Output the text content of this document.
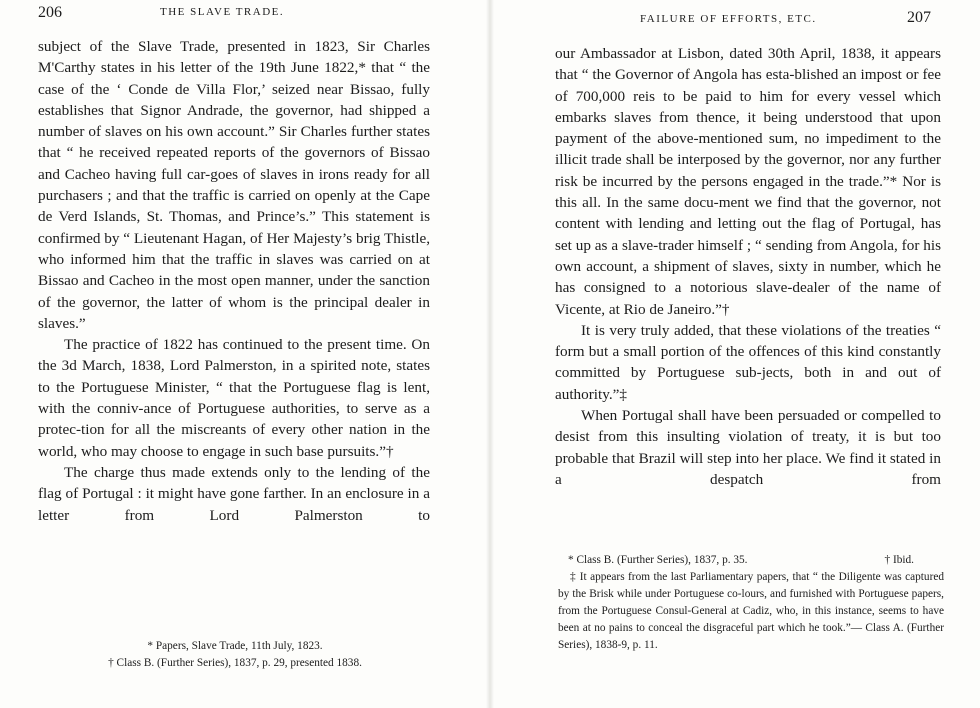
206	THE SLAVE TRADE.

subject of the Slave Trade, presented in 1823, Sir Charles M'Carthy states in his letter of the 19th June 1822,* that “ the case of the ‘ Conde de Villa Flor,’ seized near Bissao, fully establishes that Signor Andrade, the governor, had shipped a number of slaves on his own account.” Sir Charles further states that “ he received repeated reports of the governors of Bissao and Cacheo having full car-goes of slaves in irons ready for all purchasers ; and that the traffic is carried on openly at the Cape de Verd Islands, St. Thomas, and Prince’s.” This statement is confirmed by “ Lieutenant Hagan, of Her Majesty’s brig Thistle, who informed him that the traffic in slaves was carried on at Bissao and Cacheo in the most open manner, under the sanction of the governor, the latter of whom is the principal dealer in slaves.”

The practice of 1822 has continued to the present time. On the 3d March, 1838, Lord Palmerston, in a spirited note, states to the Portuguese Minister, “ that the Portuguese flag is lent, with the conniv-ance of Portuguese authorities, to serve as a protec-tion for all the miscreants of every other nation in the world, who may choose to engage in such base pursuits.”†

The charge thus made extends only to the lending of the flag of Portugal : it might have gone farther. In an enclosure in a letter from Lord Palmerston to

* Papers, Slave Trade, 11th July, 1823.

† Class B. (Further Series), 1837, p. 29, presented 1838.

FAILURE OF EFFORTS, ETC.	207

our Ambassador at Lisbon, dated 30th April, 1838, it appears that “ the Governor of Angola has esta-blished an impost or fee of 700,000 reis to be paid to him for every vessel which embarks slaves from thence, it being understood that upon payment of the above-mentioned sum, no impediment to the illicit trade shall be interposed by the governor, nor any further risk be incurred by the persons engaged in the trade.”* Nor is this all. In the same docu-ment we find that the governor, not content with lending and letting out the flag of Portugal, has set up as a slave-trader himself ; “ sending from Angola, for his own account, a shipment of slaves, sixty in number, which he has consigned to a notorious slave-dealer of the name of Vicente, at Rio de Janeiro.”†

It is very truly added, that these violations of the treaties “ form but a small portion of the offences of this kind constantly committed by Portuguese sub-jects, both in and out of authority.”‡

When Portugal shall have been persuaded or compelled to desist from this insulting violation of treaty, it is but too probable that Brazil will step into her place. We find it stated in a despatch from

* Class B. (Further Series), 1837, p. 35.	† Ibid.

‡ It appears from the last Parliamentary papers, that “ the Diligente was captured by the Brisk while under Portuguese co-lours, and furnished with Portuguese papers, from the Portuguese Consul-General at Cadiz, who, in this instance, seems to have been at no pains to conceal the disgraceful part which he took.”— Class A. (Further Series), 1838-9, p. 11.
